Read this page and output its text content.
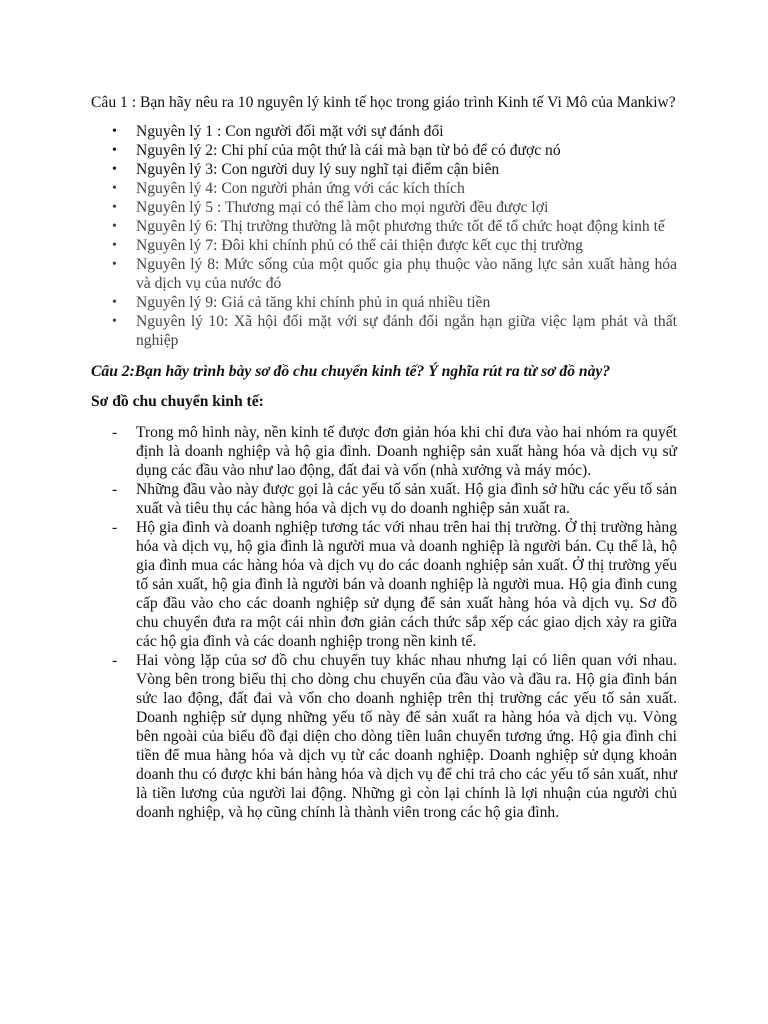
Câu 1 : Bạn hãy nêu ra 10 nguyên lý kinh tế học trong giáo trình Kinh tế Vi Mô của Mankiw?

• Nguyên lý 1 : Con người đối mặt với sự đánh đổi
• Nguyên lý 2: Chi phí của một thứ là cái mà bạn từ bỏ để có được nó
• Nguyên lý 3: Con người duy lý suy nghĩ tại điểm cận biên
• Nguyên lý 4: Con người phản ứng với các kích thích
• Nguyên lý 5 : Thương mại có thể làm cho mọi người đều được lợi
• Nguyên lý 6: Thị trường thường là một phương thức tốt để tổ chức hoạt động kinh tế
• Nguyên lý 7: Đôi khi chính phủ có thể cải thiện được kết cục thị trường
• Nguyên lý 8: Mức sống của một quốc gia phụ thuộc vào năng lực sản xuất hàng hóa và dịch vụ của nước đó
• Nguyên lý 9: Giá cả tăng khi chính phủ in quá nhiều tiền
• Nguyên lý 10: Xã hội đối mặt với sự đánh đổi ngắn hạn giữa việc lạm phát và thất nghiệp

Câu 2:Bạn hãy trình bày sơ đồ chu chuyển kinh tế? Ý nghĩa rút ra từ sơ đồ này?

Sơ đồ chu chuyển kinh tế:

- Trong mô hình này, nền kinh tế được đơn giản hóa khi chỉ đưa vào hai nhóm ra quyết định là doanh nghiệp và hộ gia đình. Doanh nghiệp sản xuất hàng hóa và dịch vụ sử dụng các đầu vào như lao động, đất đai và vốn (nhà xưởng và máy móc).
- Những đầu vào này được gọi là các yếu tố sản xuất. Hộ gia đình sở hữu các yếu tố sản xuất và tiêu thụ các hàng hóa và dịch vụ do doanh nghiệp sản xuất ra.
- Hộ gia đình và doanh nghiệp tương tác với nhau trên hai thị trường. Ở thị trường hàng hóa và dịch vụ, hộ gia đình là người mua và doanh nghiệp là người bán. Cụ thể là, hộ gia đình mua các hàng hóa và dịch vụ do các doanh nghiệp sản xuất. Ở thị trường yếu tố sản xuất, hộ gia đình là người bán và doanh nghiệp là người mua. Hộ gia đình cung cấp đầu vào cho các doanh nghiệp sử dụng để sản xuất hàng hóa và dịch vụ. Sơ đồ chu chuyển đưa ra một cái nhìn đơn giản cách thức sắp xếp các giao dịch xảy ra giữa các hộ gia đình và các doanh nghiệp trong nền kinh tế.
- Hai vòng lặp của sơ đồ chu chuyển tuy khác nhau nhưng lại có liên quan với nhau. Vòng bên trong biểu thị cho dòng chu chuyển của đầu vào và đầu ra. Hộ gia đình bán sức lao động, đất đai và vốn cho doanh nghiệp trên thị trường các yếu tố sản xuất. Doanh nghiệp sử dụng những yếu tố này để sản xuất ra hàng hóa và dịch vụ. Vòng bên ngoài của biểu đồ đại diện cho dòng tiền luân chuyển tương ứng. Hộ gia đình chi tiền để mua hàng hóa và dịch vụ từ các doanh nghiệp. Doanh nghiệp sử dụng khoản doanh thu có được khi bán hàng hóa và dịch vụ để chi trả cho các yếu tố sản xuất, như là tiền lương của người lai động. Những gì còn lại chính là lợi nhuận của người chủ doanh nghiệp, và họ cũng chính là thành viên trong các hộ gia đình.
